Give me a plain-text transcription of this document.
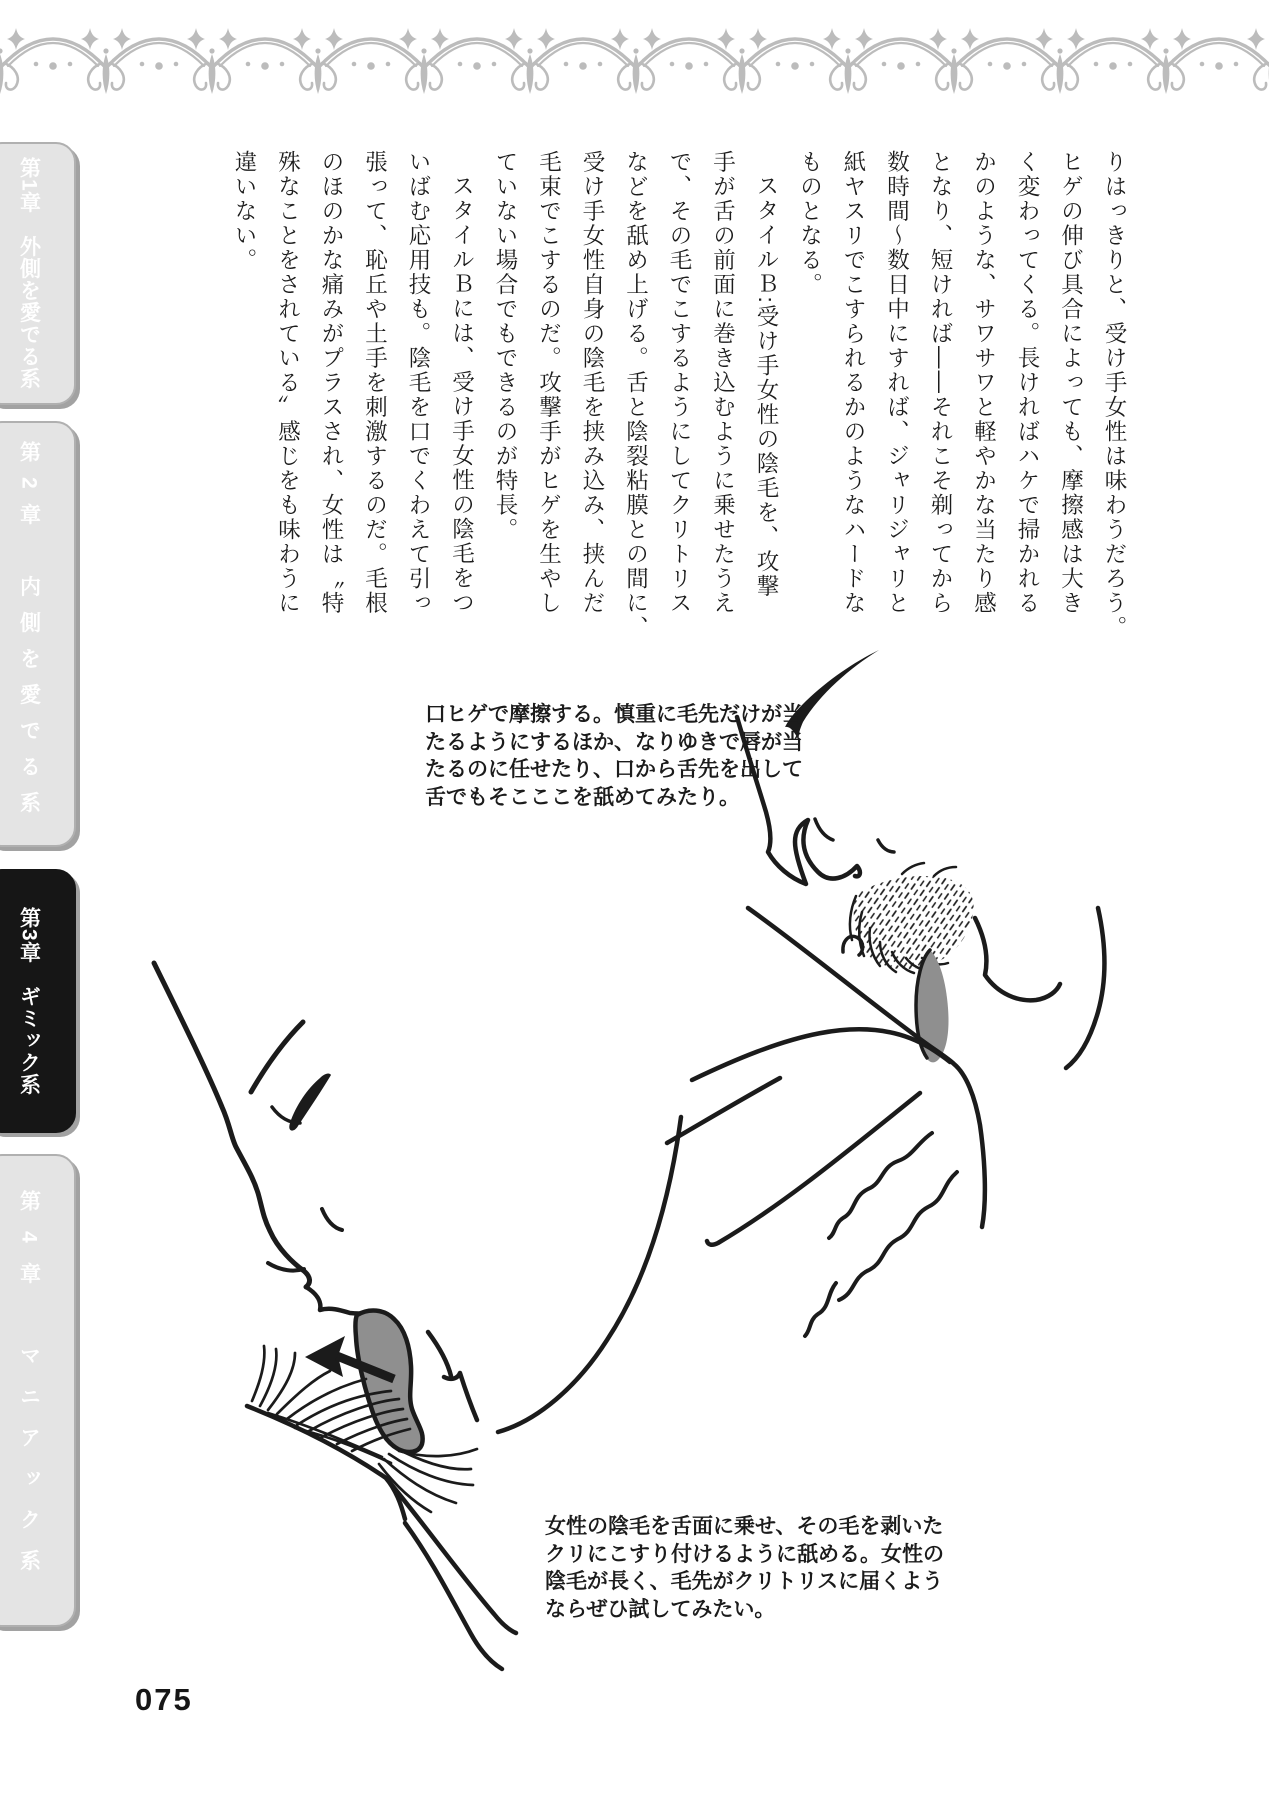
第1章　外側を愛でる系
第2章　内側を愛でる系
第3章　ギミック系
第4章　マニアック系
りはっきりと、受け手女性は味わうだろう。
ヒゲの伸び具合によっても、摩擦感は大き
く変わってくる。長ければハケで掃かれる
かのような、サワサワと軽やかな当たり感
となり、短ければ――それこそ剃ってから
数時間〜数日中にすれば、ジャリジャリと
紙ヤスリでこすられるかのようなハードな
ものとなる。
スタイルＢ:受け手女性の陰毛を、攻撃
手が舌の前面に巻き込むように乗せたうえ
で、その毛でこするようにしてクリトリス
などを舐め上げる。舌と陰裂粘膜との間に、
受け手女性自身の陰毛を挟み込み、挟んだ
毛束でこするのだ。攻撃手がヒゲを生やし
ていない場合でもできるのが特長。
スタイルＢには、受け手女性の陰毛をつ
いばむ応用技も。陰毛を口でくわえて引っ
張って、恥丘や土手を刺激するのだ。毛根
のほのかな痛みがプラスされ、女性は〝特
殊なことをされている〟感じをも味わうに
違いない。
口ヒゲで摩擦する。慎重に毛先だけが当たるようにするほか、なりゆきで唇が当たるのに任せたり、口から舌先を出して舌でもそこここを舐めてみたり。
女性の陰毛を舌面に乗せ、その毛を剥いたクリにこすり付けるように舐める。女性の陰毛が長く、毛先がクリトリスに届くようならぜひ試してみたい。
075
